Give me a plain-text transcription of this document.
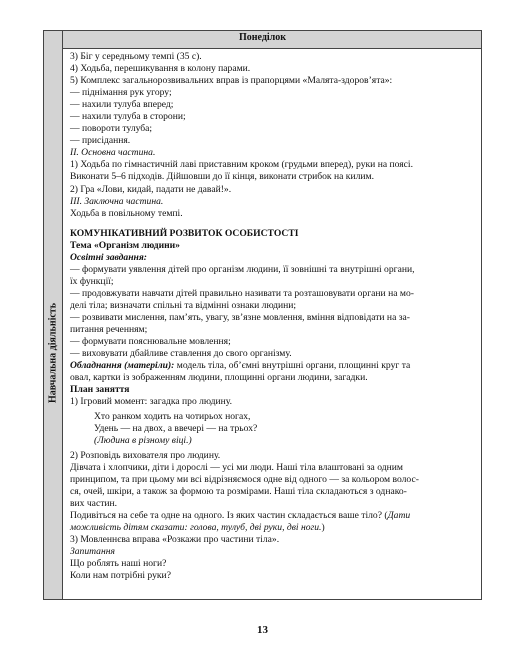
Понеділок
Навчальна діяльність

3) Біг у середньому темпі (35 с).

4) Ходьба, перешикування в колону парами.

5) Комплекс загальнорозвивальних вправ із прапорцями «Малята-здоров’ята»:

— піднімання рук угору;

— нахили тулуба вперед;

— нахили тулуба в сторони;

— повороти тулуба;

— присідання.

II. Основна частина.

1) Ходьба по гімнастичній лаві приставним кроком (грудьми вперед), руки на поясі.

Виконати 5–6 підходів. Дійшовши до її кінця, виконати стрибок на килим.

2) Гра «Лови, кидай, падати не давай!».

III. Заключна частина.

Ходьба в повільному темпі.

КОМУНІКАТИВНИЙ РОЗВИТОК ОСОБИСТОСТІ

Тема «Організм людини»

Освітні завдання:

— формувати уявлення дітей про організм людини, її зовнішні та внутрішні органи,

їх функції;

— продовжувати навчати дітей правильно називати та розташовувати органи на мо-

делі тіла; визначати спільні та відмінні ознаки людини;

— розвивати мислення, пам’ять, увагу, зв’язне мовлення, вміння відповідати на за-

питання реченням;

— формувати пояснювальне мовлення;

— виховувати дбайливе ставлення до свого організму.

Обладнання (матеріли): модель тіла, об’ємні внутрішні органи, площинні круг та

овал, картки із зображенням людини, площинні органи людини, загадки.

План заняття

1) Ігровий момент: загадка про людину.

Хто ранком ходить на чотирьох ногах,

Удень — на двох, а ввечері — на трьох?

(Людина в різному віці.)

2) Розповідь вихователя про людину.

Дівчата і хлопчики, діти і дорослі — усі ми люди. Наші тіла влаштовані за одним

принципом, та при цьому ми всі відрізняємося одне від одного — за кольором волос-

ся, очей, шкіри, а також за формою та розмірами. Наші тіла складаються з однако-

вих частин.

Подивіться на себе та одне на одного. Із яких частин складається ваше тіло? (Дати

можливість дітям сказати: голова, тулуб, дві руки, дві ноги.)

3) Мовленнєва вправа «Розкажи про частини тіла».

Запитання

Що роблять наші ноги?

Коли нам потрібні руки?

13
